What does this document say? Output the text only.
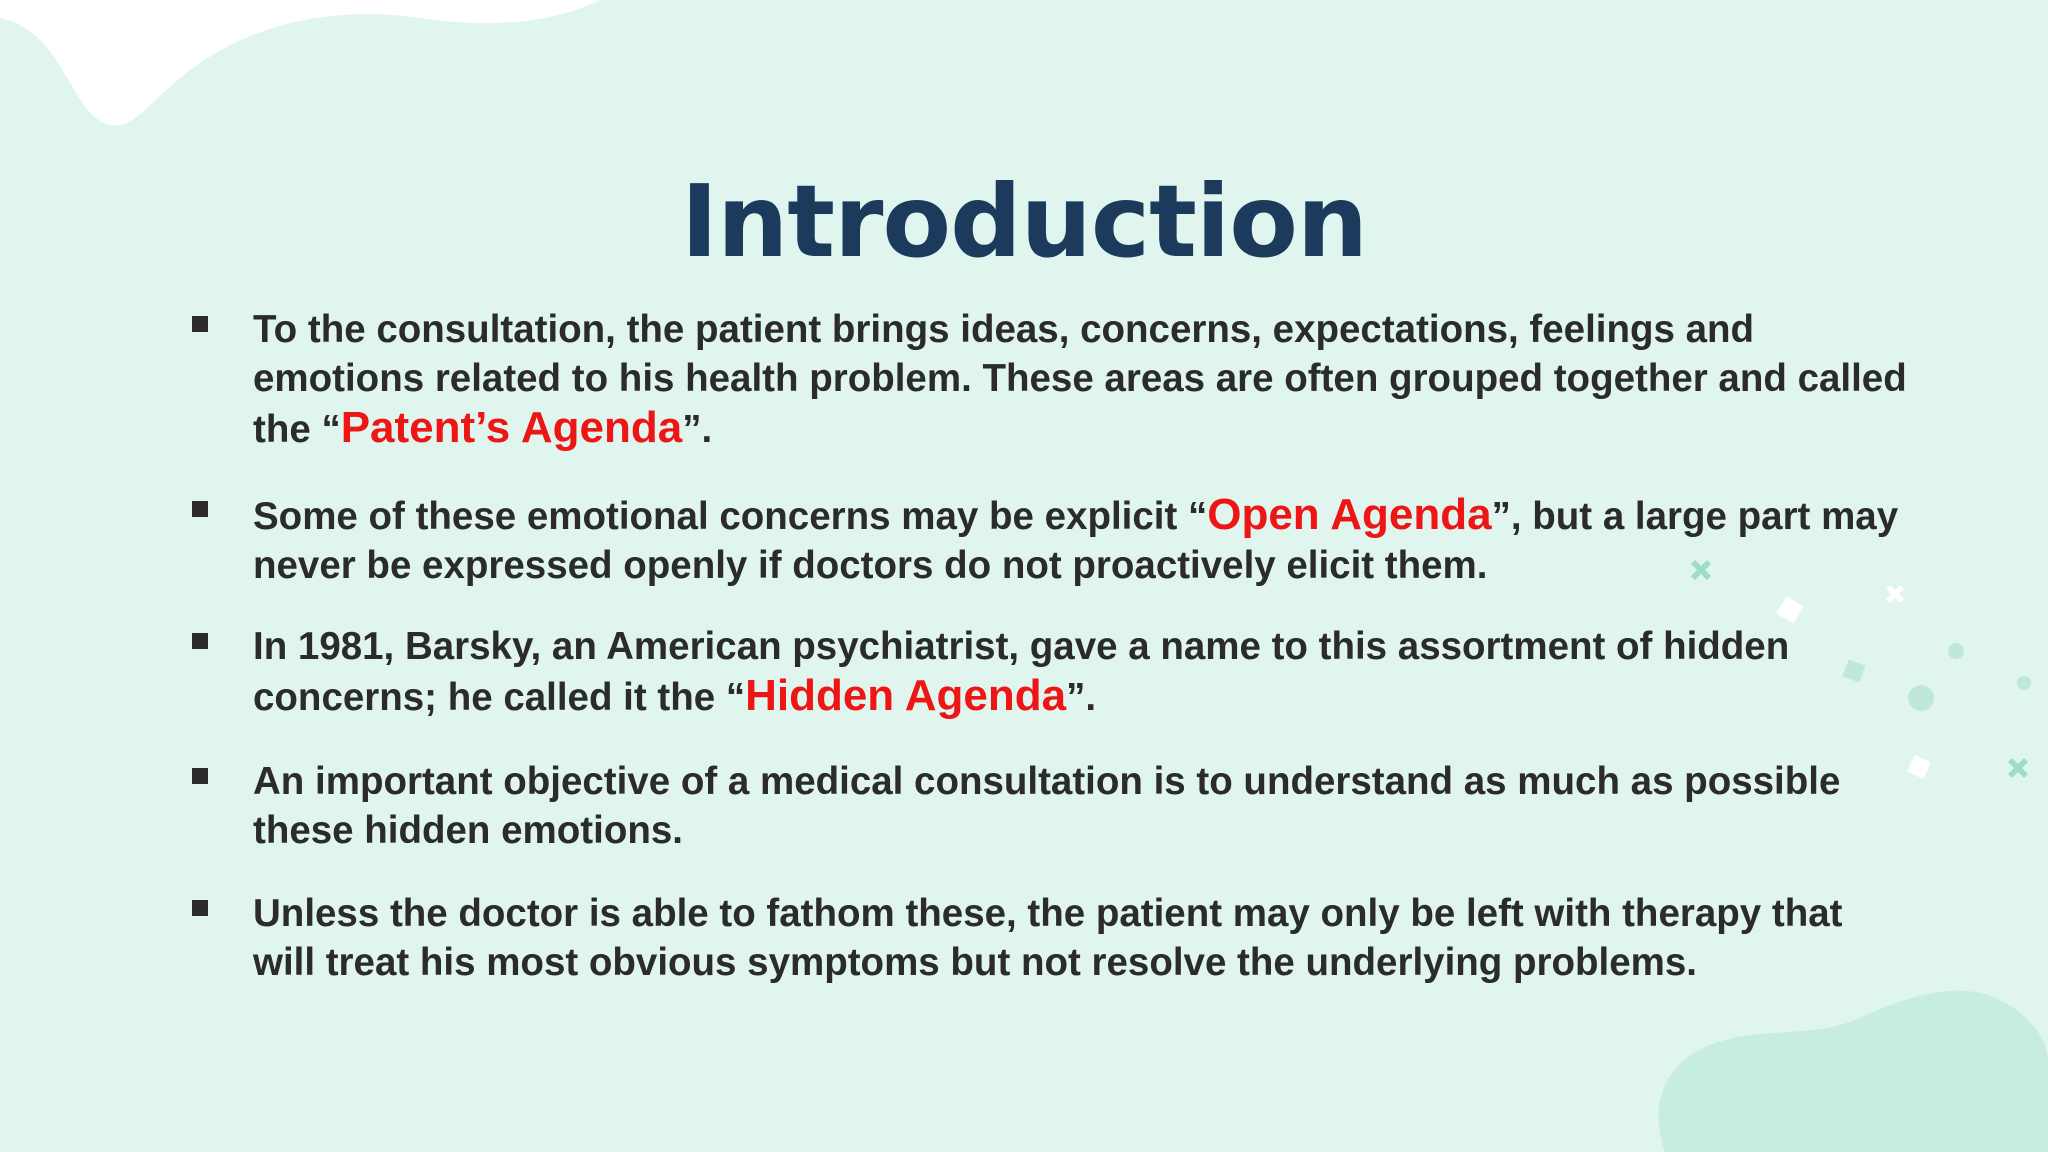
Introduction
To the consultation, the patient brings ideas, concerns, expectations, feelings and emotions related to his health problem. These areas are often grouped together and called the “Patent’s Agenda”.
Some of these emotional concerns may be explicit “Open Agenda”, but a large part may never be expressed openly if doctors do not proactively elicit them.
In 1981, Barsky, an American psychiatrist, gave a name to this assortment of hidden concerns; he called it the “Hidden Agenda”.
An important objective of a medical consultation is to understand as much as possible these hidden emotions.
Unless the doctor is able to fathom these, the patient may only be left with therapy that will treat his most obvious symptoms but not resolve the underlying problems.
